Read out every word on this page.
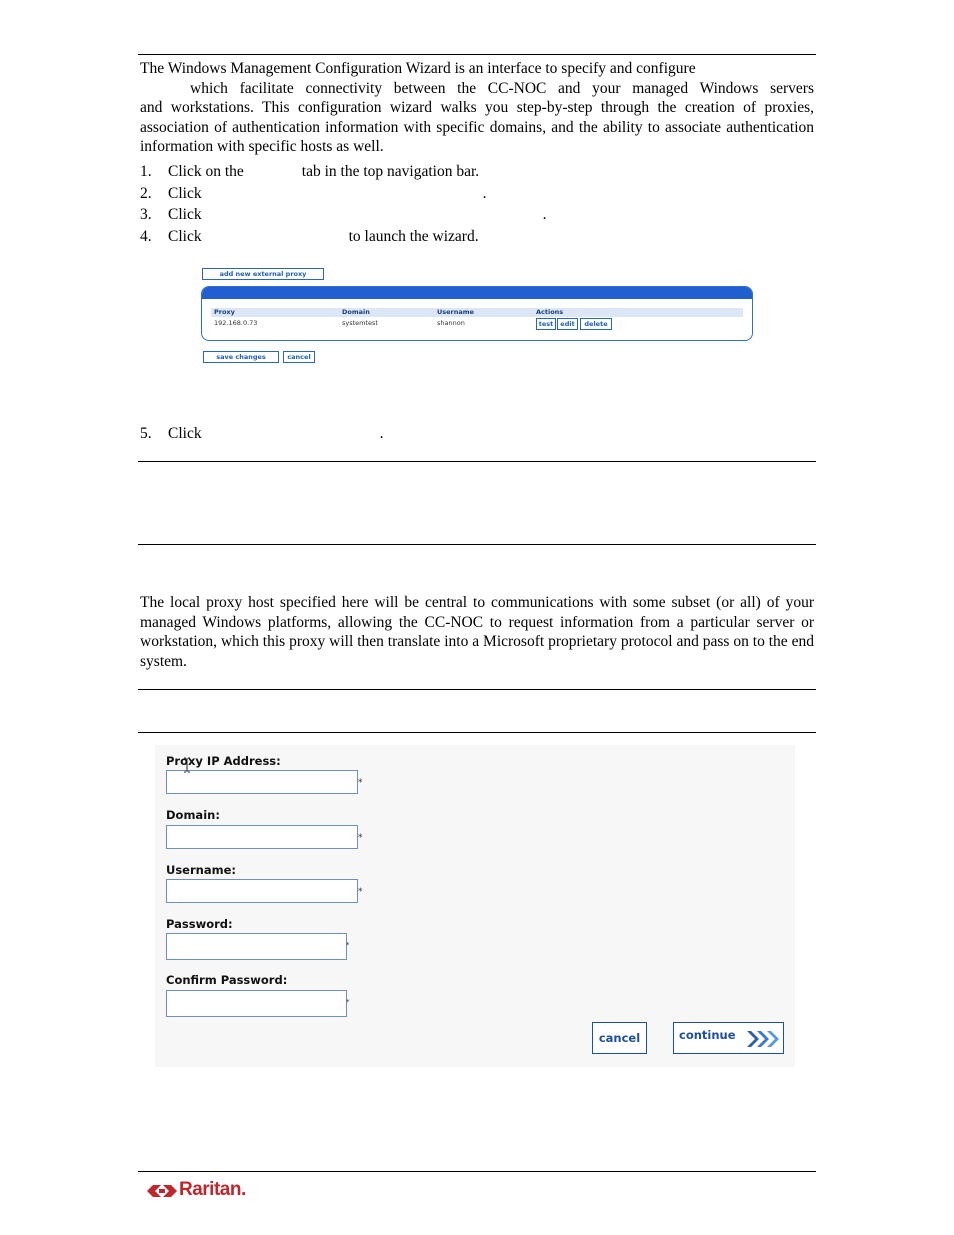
The Windows Management Configuration Wizard is an interface to specify and configure
which facilitate connectivity between the CC-NOC and your managed Windows servers
and workstations. This configuration wizard walks you step-by-step through the creation of proxies, association of authentication information with specific domains, and the ability to associate authentication information with specific hosts as well.
1. Click on the	tab in the top navigation bar.
2. Click	.
3. Click	.
4. Click	to launch the wizard.
add new external proxy
Proxy	Domain	Username	Actions
192.168.0.73	systemtest	shannon	test	edit	delete
save changes	cancel
5. Click	.
The local proxy host specified here will be central to communications with some subset (or all) of your managed Windows platforms, allowing the CC-NOC to request information from a particular server or workstation, which this proxy will then translate into a Microsoft proprietary protocol and pass on to the end system.
Proxy IP Address:
*
Domain:
*
Username:
*
Password:
*
Confirm Password:
*
cancel	continue
Raritan.
